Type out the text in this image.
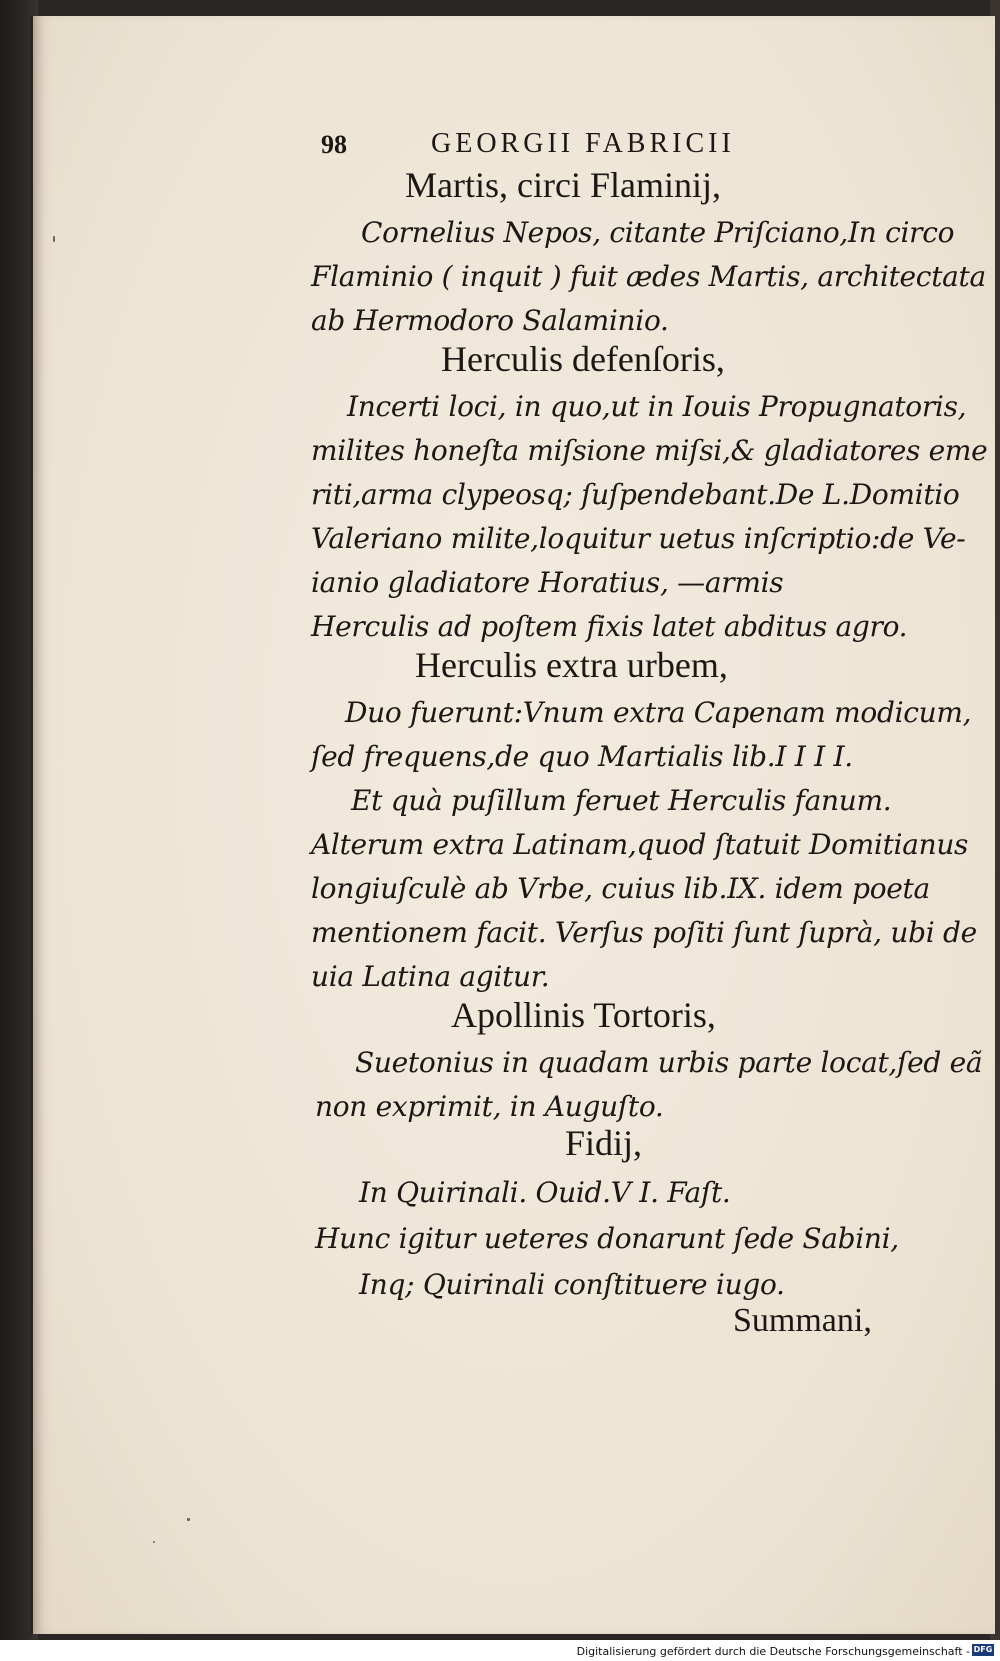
98	GEORGII FABRICII
Martis, circi Flaminij,
Cornelius Nepos, citante Priſciano,In circo
Flaminio ( inquit ) fuit ædes Martis, architectata
ab Hermodoro Salaminio.
Herculis defenſoris,
Incerti loci, in quo,ut in Iouis Propugnatoris,
milites honeſta miſsione miſsi,& gladiatores eme
riti,arma clypeosq; ſuſpendebant.De L.Domitio
Valeriano milite,loquitur uetus inſcriptio:de Ve-
ianio gladiatore Horatius, —armis
Herculis ad poſtem fixis latet abditus agro.
Herculis extra urbem,
Duo fuerunt:Vnum extra Capenam modicum,
ſed frequens,de quo Martialis lib.I I I I.
Et quà puſillum feruet Herculis fanum.
Alterum extra Latinam,quod ſtatuit Domitianus
longiuſculè ab Vrbe, cuius lib.IX. idem poeta
mentionem facit. Verſus poſiti ſunt ſuprà, ubi de
uia Latina agitur.
Apollinis Tortoris,
Suetonius in quadam urbis parte locat,ſed eã
non exprimit, in Auguſto.
Fidij,
In Quirinali. Ouid.V I. Faſt.
Hunc igitur ueteres donarunt ſede Sabini,
Inq; Quirinali conſtituere iugo.
Summani,
Digitalisierung gefördert durch die Deutsche Forschungsgemeinschaft - DFG
